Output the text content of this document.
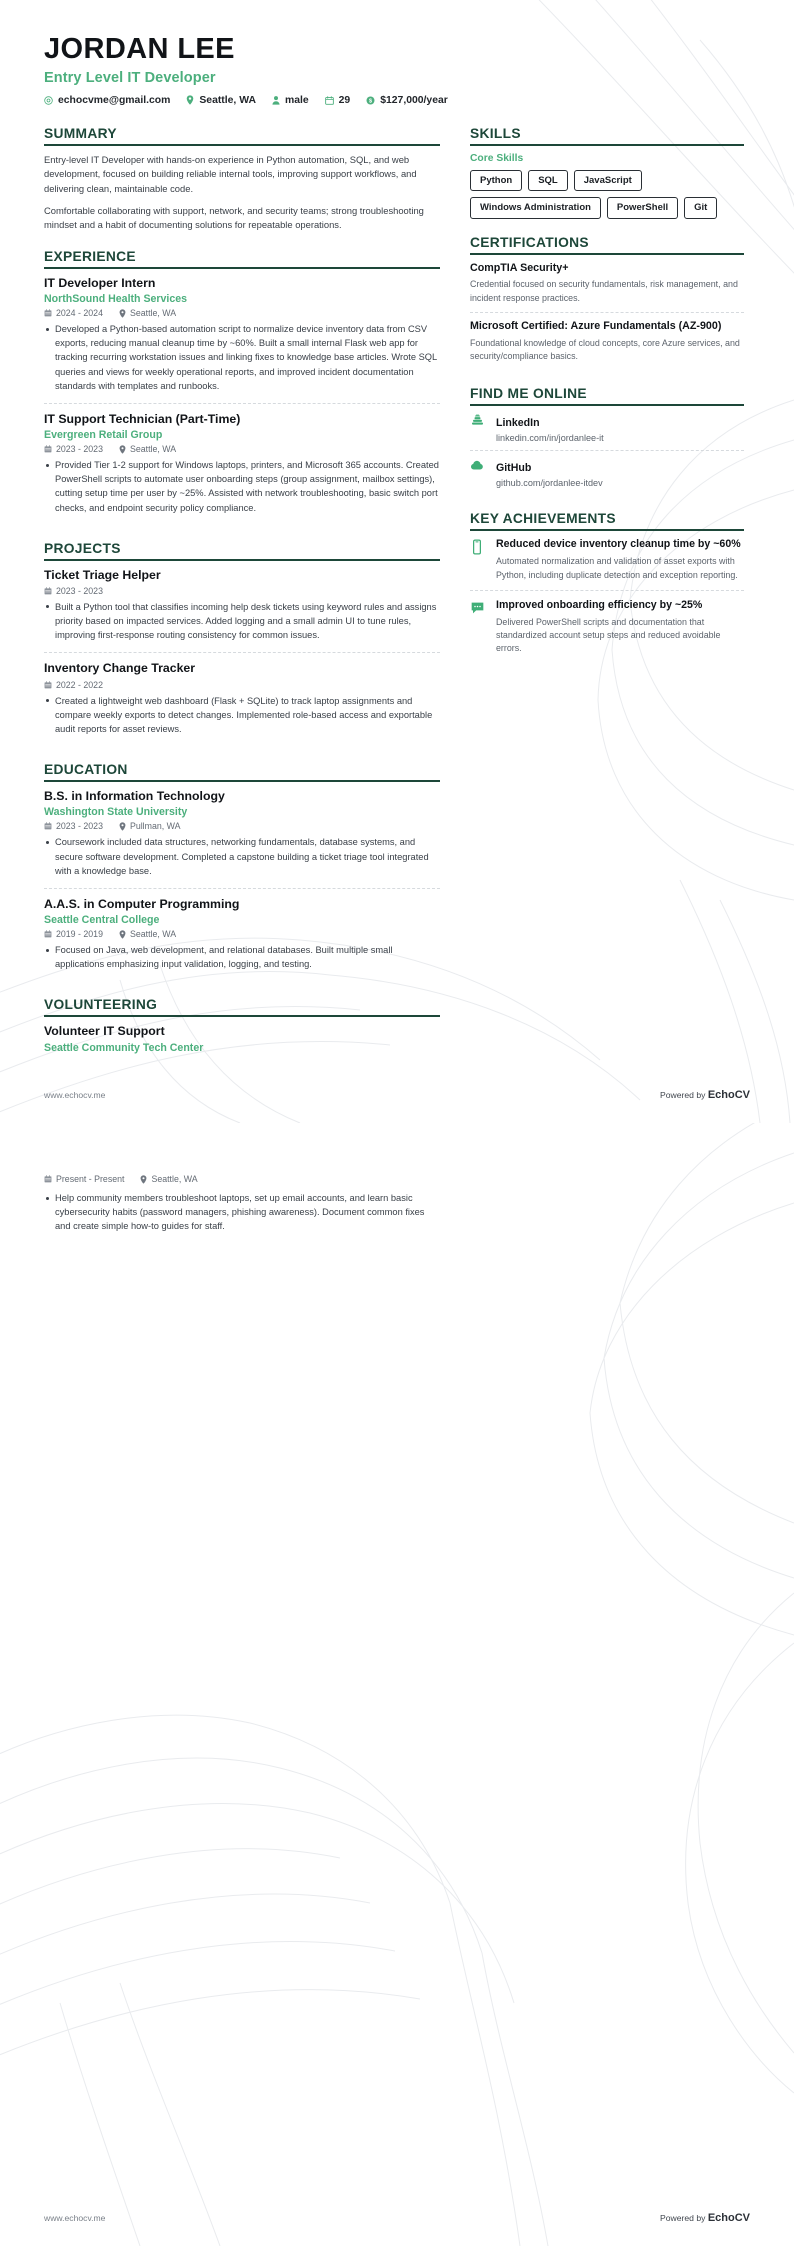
JORDAN LEE
Entry Level IT Developer
echocvme@gmail.com	Seattle, WA	male	29 $ $127,000/year
SUMMARY

Entry-level IT Developer with hands-on experience in Python automation, SQL, and web development, focused on building reliable internal tools, improving support workflows, and delivering clean, maintainable code.

Comfortable collaborating with support, network, and security teams; strong troubleshooting mindset and a habit of documenting solutions for repeatable operations.

EXPERIENCE
IT Developer Intern
NorthSound Health Services
2024 - 2024	Seattle, WA
Developed a Python-based automation script to normalize device inventory data from CSV exports, reducing manual cleanup time by ~60%. Built a small internal Flask web app for tracking recurring workstation issues and linking fixes to knowledge base articles. Wrote SQL queries and views for weekly operational reports, and improved incident documentation standards with templates and runbooks.
IT Support Technician (Part-Time)
Evergreen Retail Group
2023 - 2023	Seattle, WA
Provided Tier 1-2 support for Windows laptops, printers, and Microsoft 365 accounts. Created PowerShell scripts to automate user onboarding steps (group assignment, mailbox settings), cutting setup time per user by ~25%. Assisted with network troubleshooting, basic switch port checks, and endpoint security policy compliance.
PROJECTS
Ticket Triage Helper
2023 - 2023
Built a Python tool that classifies incoming help desk tickets using keyword rules and assigns priority based on impacted services. Added logging and a small admin UI to tune rules, improving first-response routing consistency for common issues.
Inventory Change Tracker
2022 - 2022
Created a lightweight web dashboard (Flask + SQLite) to track laptop assignments and compare weekly exports to detect changes. Implemented role-based access and exportable audit reports for asset reviews.
EDUCATION
B.S. in Information Technology
Washington State University
2023 - 2023	Pullman, WA
Coursework included data structures, networking fundamentals, database systems, and secure software development. Completed a capstone building a ticket triage tool integrated with a knowledge base.
A.A.S. in Computer Programming
Seattle Central College
2019 - 2019	Seattle, WA
Focused on Java, web development, and relational databases. Built multiple small applications emphasizing input validation, logging, and testing.
VOLUNTEERING
Volunteer IT Support
Seattle Community Tech Center
SKILLS
Core Skills
Python	SQL	JavaScript
Windows Administration	PowerShell	Git
CERTIFICATIONS
CompTIA Security+
Credential focused on security fundamentals, risk management, and incident response practices.
Microsoft Certified: Azure Fundamentals (AZ-900)
Foundational knowledge of cloud concepts, core Azure services, and security/compliance basics.
FIND ME ONLINE
LinkedIn
linkedin.com/in/jordanlee-it
GitHub
github.com/jordanlee-itdev
KEY ACHIEVEMENTS
Reduced device inventory cleanup time by ~60%
Automated normalization and validation of asset exports with Python, including duplicate detection and exception reporting.
Improved onboarding efficiency by ~25%
Delivered PowerShell scripts and documentation that standardized account setup steps and reduced avoidable errors.
www.echocv.me	Powered by EchoCV
Present - Present	Seattle, WA
Help community members troubleshoot laptops, set up email accounts, and learn basic cybersecurity habits (password managers, phishing awareness). Document common fixes and create simple how-to guides for staff.
www.echocv.me	Powered by EchoCV
